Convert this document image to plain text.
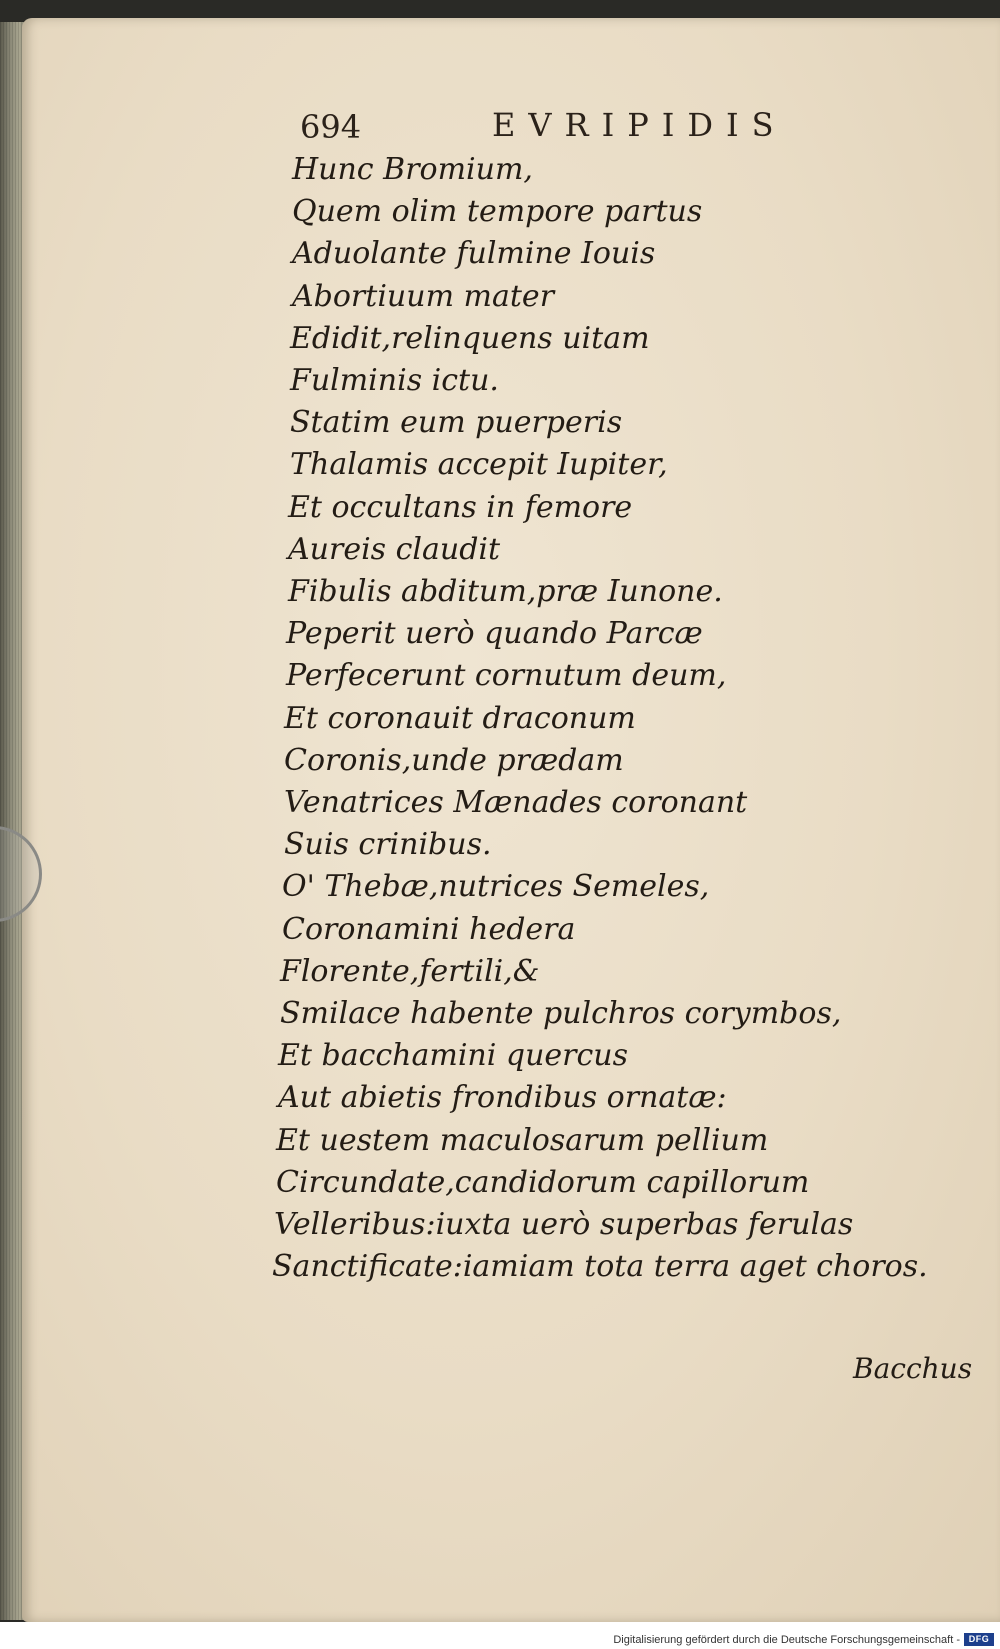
694	EVRIPIDIS
Hunc Bromium,
Quem olim tempore partus
Aduolante fulmine Iouis
Abortiuum mater
Edidit,relinquens uitam
Fulminis ictu.
Statim eum puerperis
Thalamis accepit Iupiter,
Et occultans in femore
Aureis claudit
Fibulis abditum,præ Iunone.
Peperit uerò quando Parcæ
Perfecerunt cornutum deum,
Et coronauit draconum
Coronis,unde prædam
Venatrices Mænades coronant
Suis crinibus.
O' Thebæ,nutrices Semeles,
Coronamini hedera
Florente,fertili,&
Smilace habente pulchros corymbos,
Et bacchamini quercus
Aut abietis frondibus ornatæ:
Et uestem maculosarum pellium
Circundate,candidorum capillorum
Velleribus:iuxta uerò superbas ferulas
Sanctificate:iamiam tota terra aget choros.
Bacchus
Digitalisierung gefördert durch die Deutsche Forschungsgemeinschaft - DFG
